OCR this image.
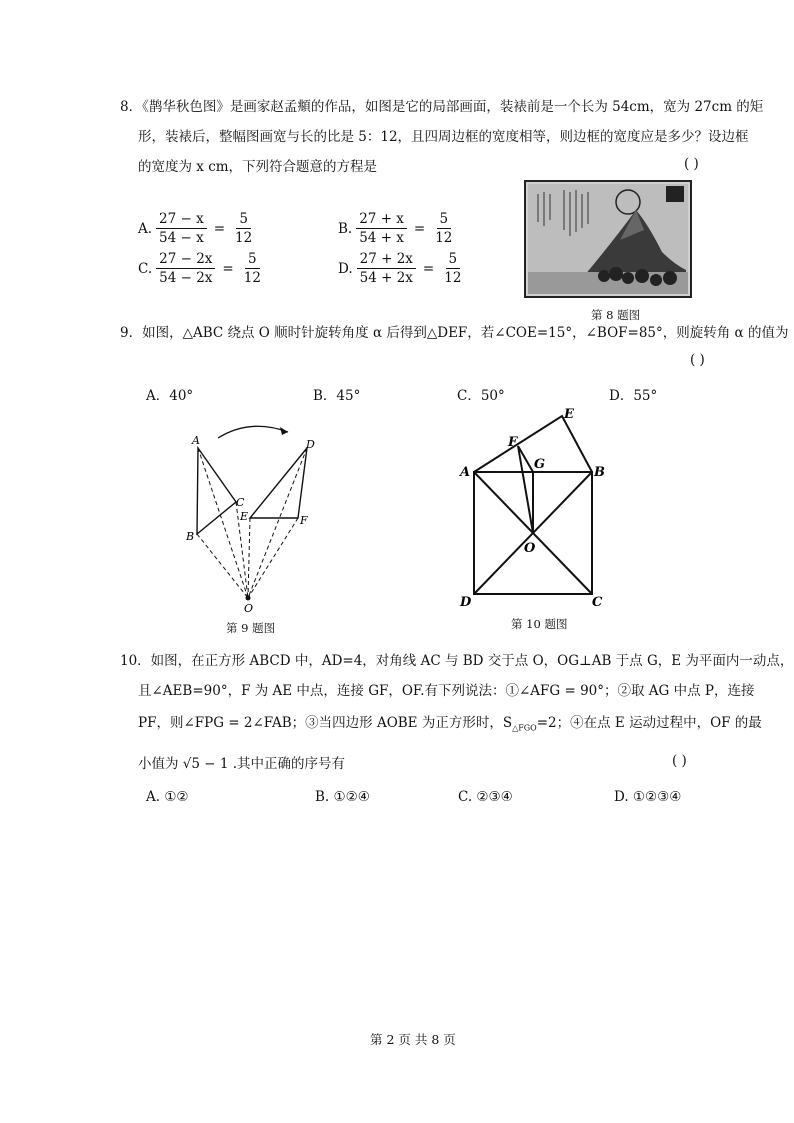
8．《鹊华秋色图》是画家赵孟頫的作品，如图是它的局部画面，装裱前是一个长为 54cm，宽为 27cm 的矩
形，装裱后，整幅图画宽与长的比是 5：12，且四周边框的宽度相等，则边框的宽度应是多少？设边框
的宽度为 x cm，下列符合题意的方程是	( )
A. $\frac{27 - x}{54 - x} = \frac{5}{12}$	B. $\frac{27 + x}{54 + x} = \frac{5}{12}$
C. $\frac{27 - 2x}{54 - 2x} = \frac{5}{12}$	D. $\frac{27 + 2x}{54 + 2x} = \frac{5}{12}$
第 8 题图
9．如图，△ABC 绕点 O 顺时针旋转角度 α 后得到△DEF，若∠COE=15°，∠BOF=85°，则旋转角 α 的值为
( )
A．40°	B．45°	C．50°	D．55°
A
B
C
D
E	F
O
第 9 题图
A	B
C
D
E
F
G
O
第 10 题图
10．如图，在正方形 ABCD 中，AD=4，对角线 AC 与 BD 交于点 O，OG⊥AB 于点 G，E 为平面内一动点，
且∠AEB=90°，F 为 AE 中点，连接 GF，OF.有下列说法：①∠AFG = 90°；②取 AG 中点 P，连接
PF，则∠FPG = 2∠FAB；③当四边形 AOBE 为正方形时，$S_{\triangle FGO}=2$；④在点 E 运动过程中，OF 的最
小值为 √5 − 1 .其中正确的序号有	( )
A. ①②	B. ①②④	C. ②③④	D. ①②③④
第 2 页 共 8 页
